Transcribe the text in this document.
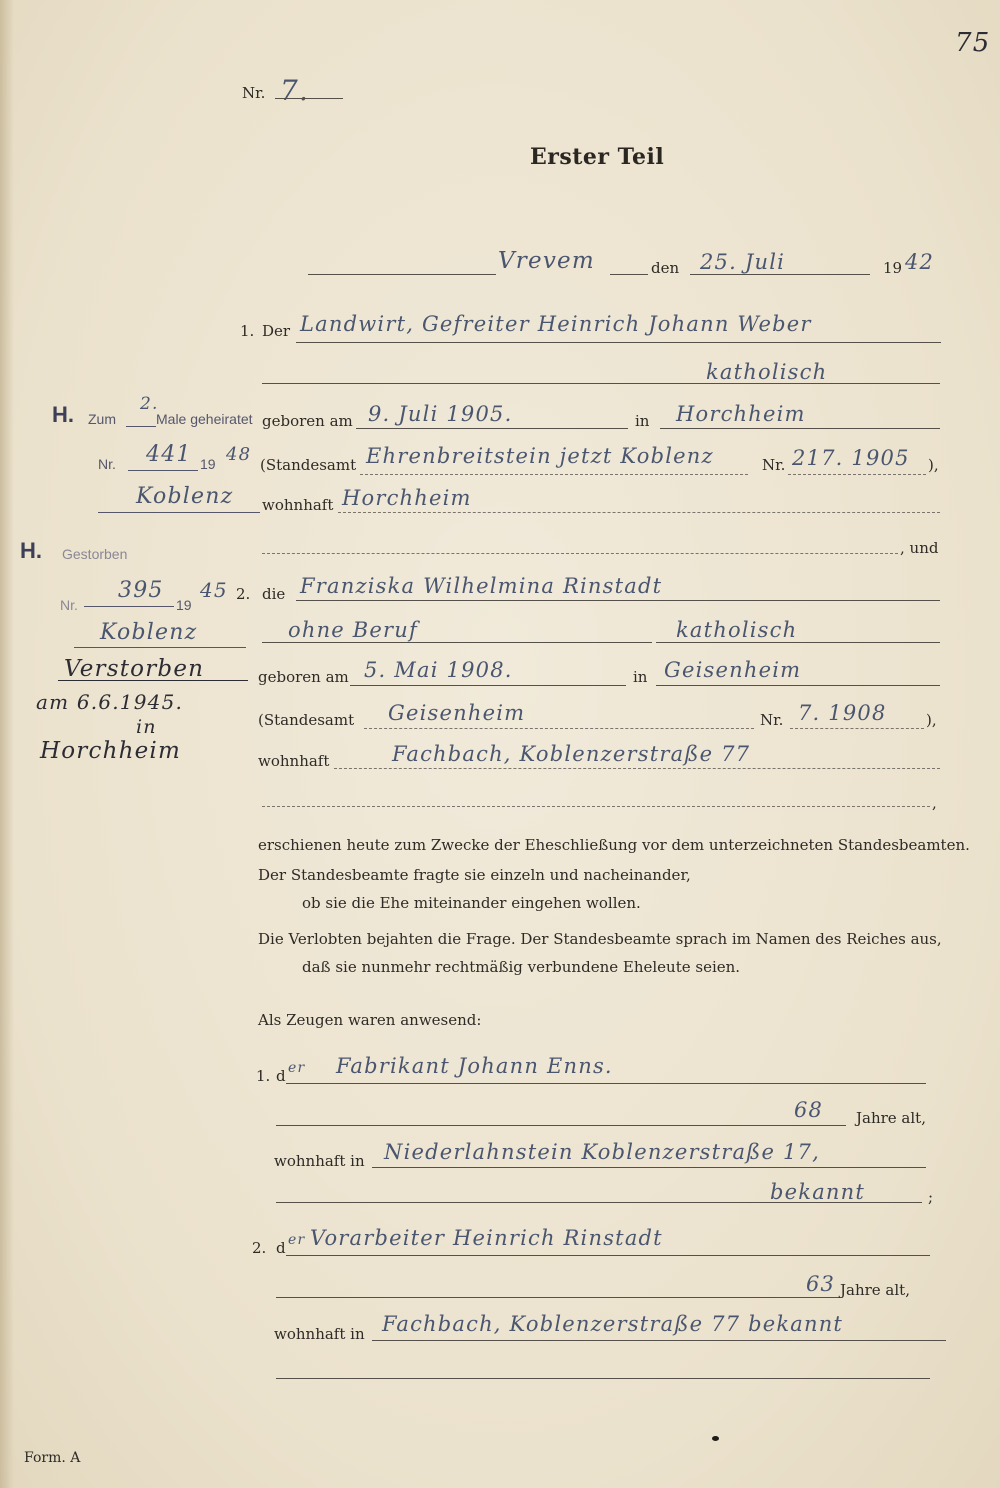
75
Nr. 7.
Erster Teil
Vrevem	den 25. Juli	19 42
1. Der Landwirt, Gefreiter Heinrich Johann Weber
katholisch
geboren am 9. Juli 1905.	in Horchheim
(Standesamt Ehrenbreitstein jetzt Koblenz	Nr. 217. 1905 ),
wohnhaft Horchheim
, und
2. die Franziska Wilhelmina Rinstadt
ohne Beruf	katholisch
geboren am 5. Mai 1908.	in Geisenheim
(Standesamt Geisenheim	Nr. 7. 1908	),
wohnhaft	Fachbach, Koblenzerstraße 77
,
H. Zum
2.
Male geheiratet
Nr. 441 19 48
Koblenz
H. Gestorben
Nr.
395
19
45
Koblenz
Verstorben
am 6.6.1945.
in
Horchheim
erschienen heute zum Zwecke der Eheschließung vor dem unterzeichneten Standesbeamten.
Der Standesbeamte fragte sie einzeln und nacheinander,
ob sie die Ehe miteinander eingehen wollen.
Die Verlobten bejahten die Frage. Der Standesbeamte sprach im Namen des Reiches aus,
daß sie nunmehr rechtmäßig verbundene Eheleute seien.
Als Zeugen waren anwesend:
1. d er Fabrikant Johann Enns.
68 Jahre alt,
wohnhaft in Niederlahnstein Koblenzerstraße 17,
bekannt	;
2. d er Vorarbeiter Heinrich Rinstadt
63 Jahre alt,
wohnhaft in Fachbach, Koblenzerstraße 77 bekannt
Form. A
